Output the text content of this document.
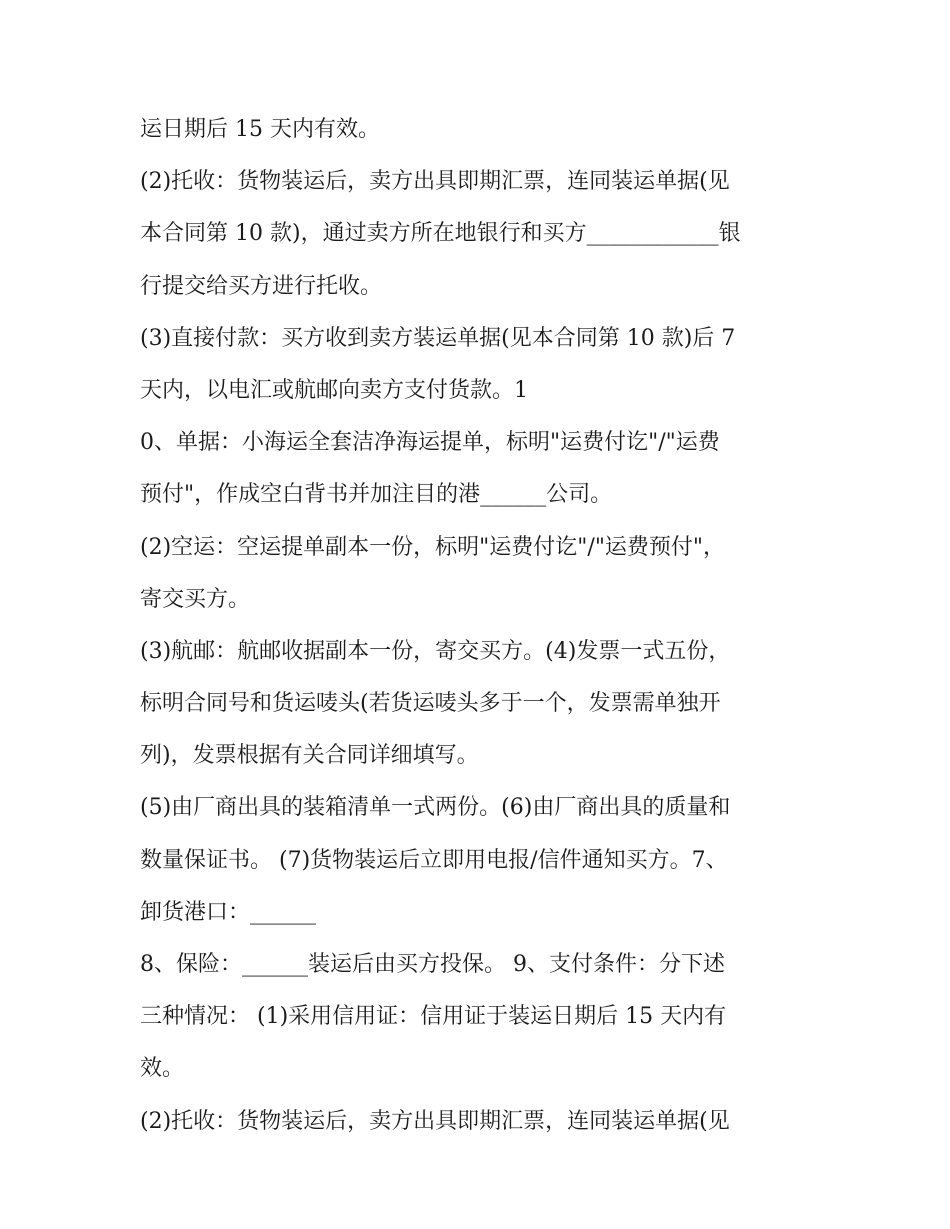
运日期后 15 天内有效。
(2)托收：货物装运后，卖方出具即期汇票，连同装运单据(见
本合同第 10 款)，通过卖方所在地银行和买方____________银
行提交给买方进行托收。
(3)直接付款：买方收到卖方装运单据(见本合同第 10 款)后 7
天内，以电汇或航邮向卖方支付货款。1
0、单据：小海运全套洁净海运提单，标明"运费付讫"/"运费
预付"，作成空白背书并加注目的港______公司。
(2)空运：空运提单副本一份，标明"运费付讫"/"运费预付"，
寄交买方。
(3)航邮：航邮收据副本一份，寄交买方。(4)发票一式五份，
标明合同号和货运唛头(若货运唛头多于一个，发票需单独开
列)，发票根据有关合同详细填写。
(5)由厂商出具的装箱清单一式两份。(6)由厂商出具的质量和
数量保证书。 (7)货物装运后立即用电报/信件通知买方。7、
卸货港口：______
8、保险：______装运后由买方投保。 9、支付条件：分下述
三种情况： (1)采用信用证：信用证于装运日期后 15 天内有
效。
(2)托收：货物装运后，卖方出具即期汇票，连同装运单据(见
